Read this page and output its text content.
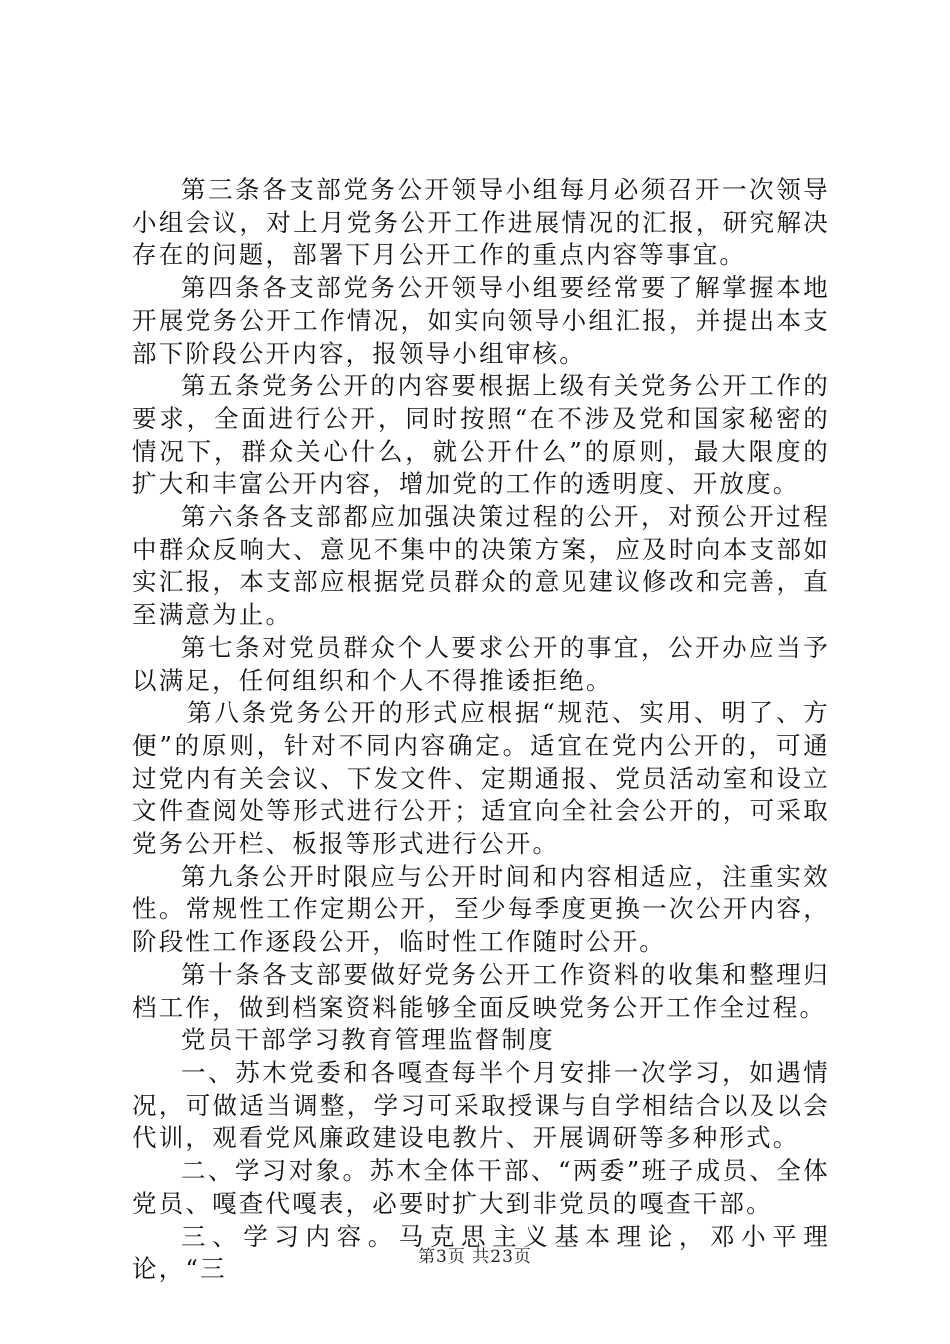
第三条各支部党务公开领导小组每月必须召开一次领导小组会议，对上月党务公开工作进展情况的汇报，研究解决存在的问题，部署下月公开工作的重点内容等事宜。

第四条各支部党务公开领导小组要经常要了解掌握本地开展党务公开工作情况，如实向领导小组汇报，并提出本支部下阶段公开内容，报领导小组审核。

第五条党务公开的内容要根据上级有关党务公开工作的要求，全面进行公开，同时按照“在不涉及党和国家秘密的情况下，群众关心什么，就公开什么”的原则，最大限度的扩大和丰富公开内容，增加党的工作的透明度、开放度。

第六条各支部都应加强决策过程的公开，对预公开过程中群众反响大、意见不集中的决策方案，应及时向本支部如实汇报，本支部应根据党员群众的意见建议修改和完善，直至满意为止。

第七条对党员群众个人要求公开的事宜，公开办应当予以满足，任何组织和个人不得推诿拒绝。

第八条党务公开的形式应根据“规范、实用、明了、方便”的原则，针对不同内容确定。适宜在党内公开的，可通过党内有关会议、下发文件、定期通报、党员活动室和设立文件查阅处等形式进行公开；适宜向全社会公开的，可采取党务公开栏、板报等形式进行公开。

第九条公开时限应与公开时间和内容相适应，注重实效性。常规性工作定期公开，至少每季度更换一次公开内容，阶段性工作逐段公开，临时性工作随时公开。

第十条各支部要做好党务公开工作资料的收集和整理归档工作，做到档案资料能够全面反映党务公开工作全过程。

党员干部学习教育管理监督制度

一、苏木党委和各嘎查每半个月安排一次学习，如遇情况，可做适当调整，学习可采取授课与自学相结合以及以会代训，观看党风廉政建设电教片、开展调研等多种形式。

二、学习对象。苏木全体干部、“两委”班子成员、全体党员、嘎查代嘎表，必要时扩大到非党员的嘎查干部。

三、学习内容。马克思主义基本理论，邓小平理论，“三	第3页 共23页
